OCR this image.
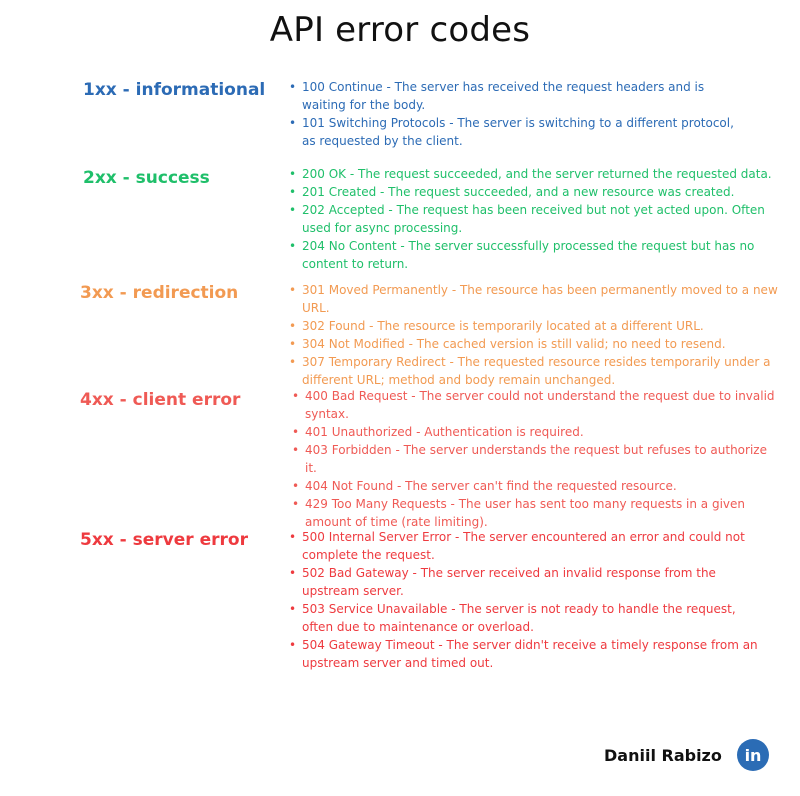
API error codes
1xx - informational • 100 Continue - The server has received the request headers and is waiting for the body.
• 101 Switching Protocols - The server is switching to a different protocol, as requested by the client.
2xx - success	• 200 OK - The request succeeded, and the server returned the requested data.
• 201 Created - The request succeeded, and a new resource was created.
• 202 Accepted - The request has been received but not yet acted upon. Often used for async processing.
• 204 No Content - The server successfully processed the request but has no content to return.
3xx - redirection	• 301 Moved Permanently - The resource has been permanently moved to a new URL.
• 302 Found - The resource is temporarily located at a different URL.
• 304 Not Modified - The cached version is still valid; no need to resend.
• 307 Temporary Redirect - The requested resource resides temporarily under a different URL; method and body remain unchanged.
4xx - client error	• 400 Bad Request - The server could not understand the request due to invalid syntax.
• 401 Unauthorized - Authentication is required.
• 403 Forbidden - The server understands the request but refuses to authorize it.
• 404 Not Found - The server can't find the requested resource.
• 429 Too Many Requests - The user has sent too many requests in a given amount of time (rate limiting).
5xx - server error	• 500 Internal Server Error - The server encountered an error and could not complete the request.
• 502 Bad Gateway - The server received an invalid response from the upstream server.
• 503 Service Unavailable - The server is not ready to handle the request, often due to maintenance or overload.
• 504 Gateway Timeout - The server didn't receive a timely response from an upstream server and timed out.
Daniil Rabizo	in
